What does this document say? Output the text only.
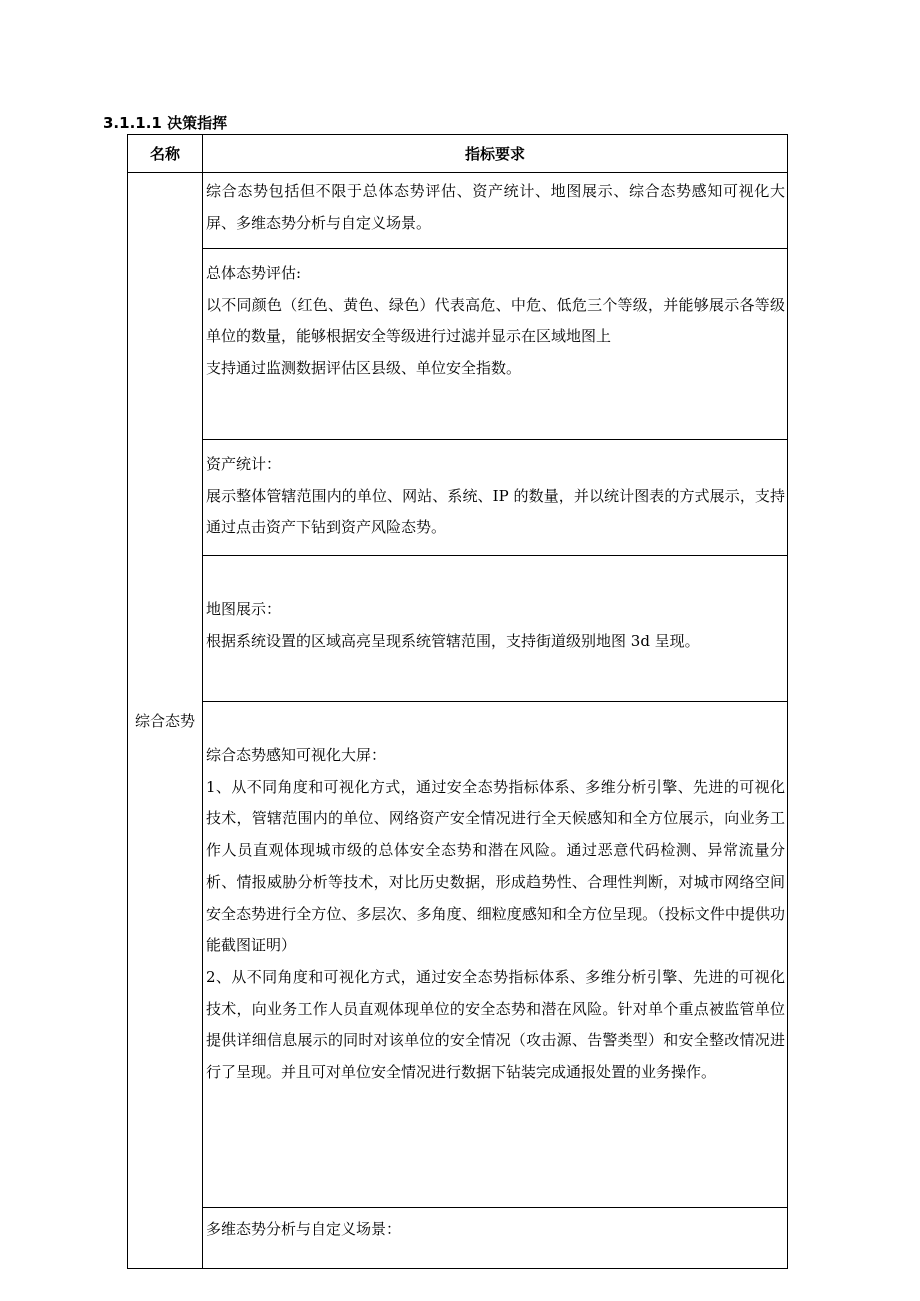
3.1.1.1 决策指挥
名称	指标要求
综合态势	综合态势包括但不限于总体态势评估、资产统计、地图展示、综合态势感知可视化大屏、多维态势分析与自定义场景。

	总体态势评估:

以不同颜色（红色、黄色、绿色）代表高危、中危、低危三个等级，并能够展示各等级单位的数量，能够根据安全等级进行过滤并显示在区域地图上

支持通过监测数据评估区县级、单位安全指数。

	资产统计：

展示整体管辖范围内的单位、网站、系统、IP 的数量，并以统计图表的方式展示，支持通过点击资产下钻到资产风险态势。

	地图展示：

根据系统设置的区域高亮呈现系统管辖范围，支持街道级别地图 3d 呈现。

	综合态势感知可视化大屏：

1、从不同角度和可视化方式，通过安全态势指标体系、多维分析引擎、先进的可视化技术，管辖范围内的单位、网络资产安全情况进行全天候感知和全方位展示，向业务工作人员直观体现城市级的总体安全态势和潜在风险。通过恶意代码检测、异常流量分析、情报威胁分析等技术，对比历史数据，形成趋势性、合理性判断，对城市网络空间安全态势进行全方位、多层次、多角度、细粒度感知和全方位呈现。（投标文件中提供功能截图证明）

2、从不同角度和可视化方式，通过安全态势指标体系、多维分析引擎、先进的可视化技术，向业务工作人员直观体现单位的安全态势和潜在风险。针对单个重点被监管单位提供详细信息展示的同时对该单位的安全情况（攻击源、告警类型）和安全整改情况进行了呈现。并且可对单位安全情况进行数据下钻装完成通报处置的业务操作。

	多维态势分析与自定义场景：
